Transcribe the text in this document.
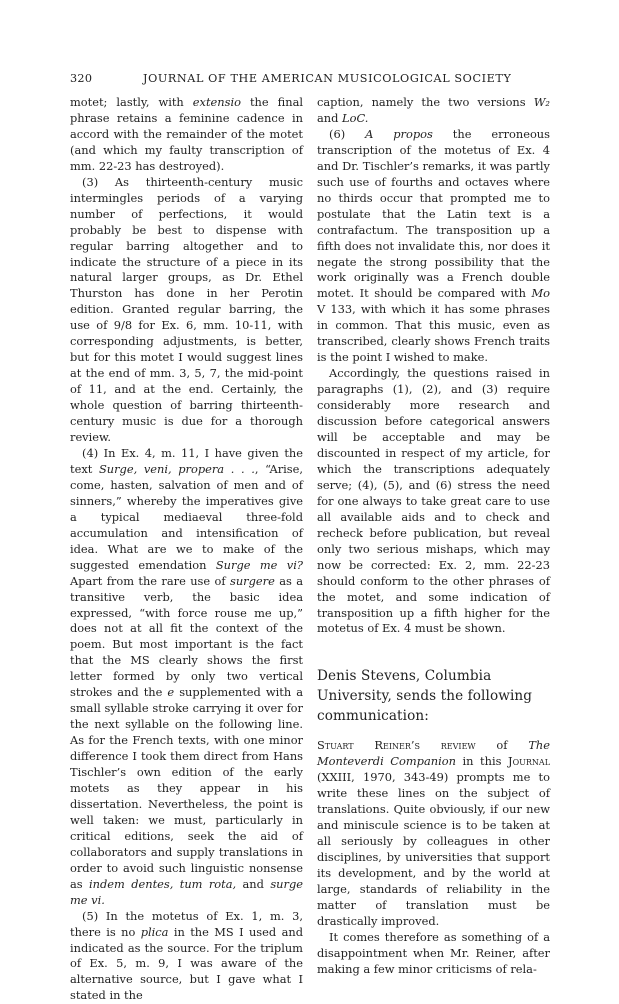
320	JOURNAL OF THE AMERICAN MUSICOLOGICAL SOCIETY

motet; lastly, with extensio the final phrase retains a feminine cadence in accord with the remainder of the motet (and which my faulty transcription of mm. 22-23 has destroyed).

(3) As thirteenth-century music intermingles periods of a varying number of perfections, it would probably be best to dispense with regular barring altogether and to indicate the structure of a piece in its natural larger groups, as Dr. Ethel Thurston has done in her Perotin edition. Granted regular barring, the use of 9/8 for Ex. 6, mm. 10-11, with corresponding adjustments, is better, but for this motet I would suggest lines at the end of mm. 3, 5, 7, the mid-point of 11, and at the end. Certainly, the whole question of barring thirteenth-century music is due for a thorough review.

(4) In Ex. 4, m. 11, I have given the text Surge, veni, propera . . ., “Arise, come, hasten, salvation of men and of sinners,” whereby the imperatives give a typical mediaeval three-fold accumulation and intensification of idea. What are we to make of the suggested emendation Surge me vi? Apart from the rare use of surgere as a transitive verb, the basic idea expressed, “with force rouse me up,” does not at all fit the context of the poem. But most important is the fact that the MS clearly shows the first letter formed by only two vertical strokes and the e supplemented with a small syllable stroke carrying it over for the next syllable on the following line. As for the French texts, with one minor difference I took them direct from Hans Tischler’s own edition of the early motets as they appear in his dissertation. Nevertheless, the point is well taken: we must, particularly in critical editions, seek the aid of collaborators and supply translations in order to avoid such linguistic nonsense as indem dentes, tum rota, and surge me vi.

(5) In the motetus of Ex. 1, m. 3, there is no plica in the MS I used and indicated as the source. For the triplum of Ex. 5, m. 9, I was aware of the alternative source, but I gave what I stated in the

caption, namely the two versions W₂ and LoC.

(6) A propos the erroneous transcription of the motetus of Ex. 4 and Dr. Tischler’s remarks, it was partly such use of fourths and octaves where no thirds occur that prompted me to postulate that the Latin text is a contrafactum. The transposition up a fifth does not invalidate this, nor does it negate the strong possibility that the work originally was a French double motet. It should be compared with Mo V 133, with which it has some phrases in common. That this music, even as transcribed, clearly shows French traits is the point I wished to make.

Accordingly, the questions raised in paragraphs (1), (2), and (3) require considerably more research and discussion before categorical answers will be acceptable and may be discounted in respect of my article, for which the transcriptions adequately serve; (4), (5), and (6) stress the need for one always to take great care to use all available aids and to check and recheck before publication, but reveal only two serious mishaps, which may now be corrected: Ex. 2, mm. 22-23 should conform to the other phrases of the motet, and some indication of transposition up a fifth higher for the motetus of Ex. 4 must be shown.

Denis Stevens, Columbia University, sends the following communication:

Stuart Reiner’s review of The Monteverdi Companion in this Journal (XXIII, 1970, 343-49) prompts me to write these lines on the subject of translations. Quite obviously, if our new and miniscule science is to be taken at all seriously by colleagues in other disciplines, by universities that support its development, and by the world at large, standards of reliability in the matter of translation must be drastically improved.

It comes therefore as something of a disappointment when Mr. Reiner, after making a few minor criticisms of rela-
